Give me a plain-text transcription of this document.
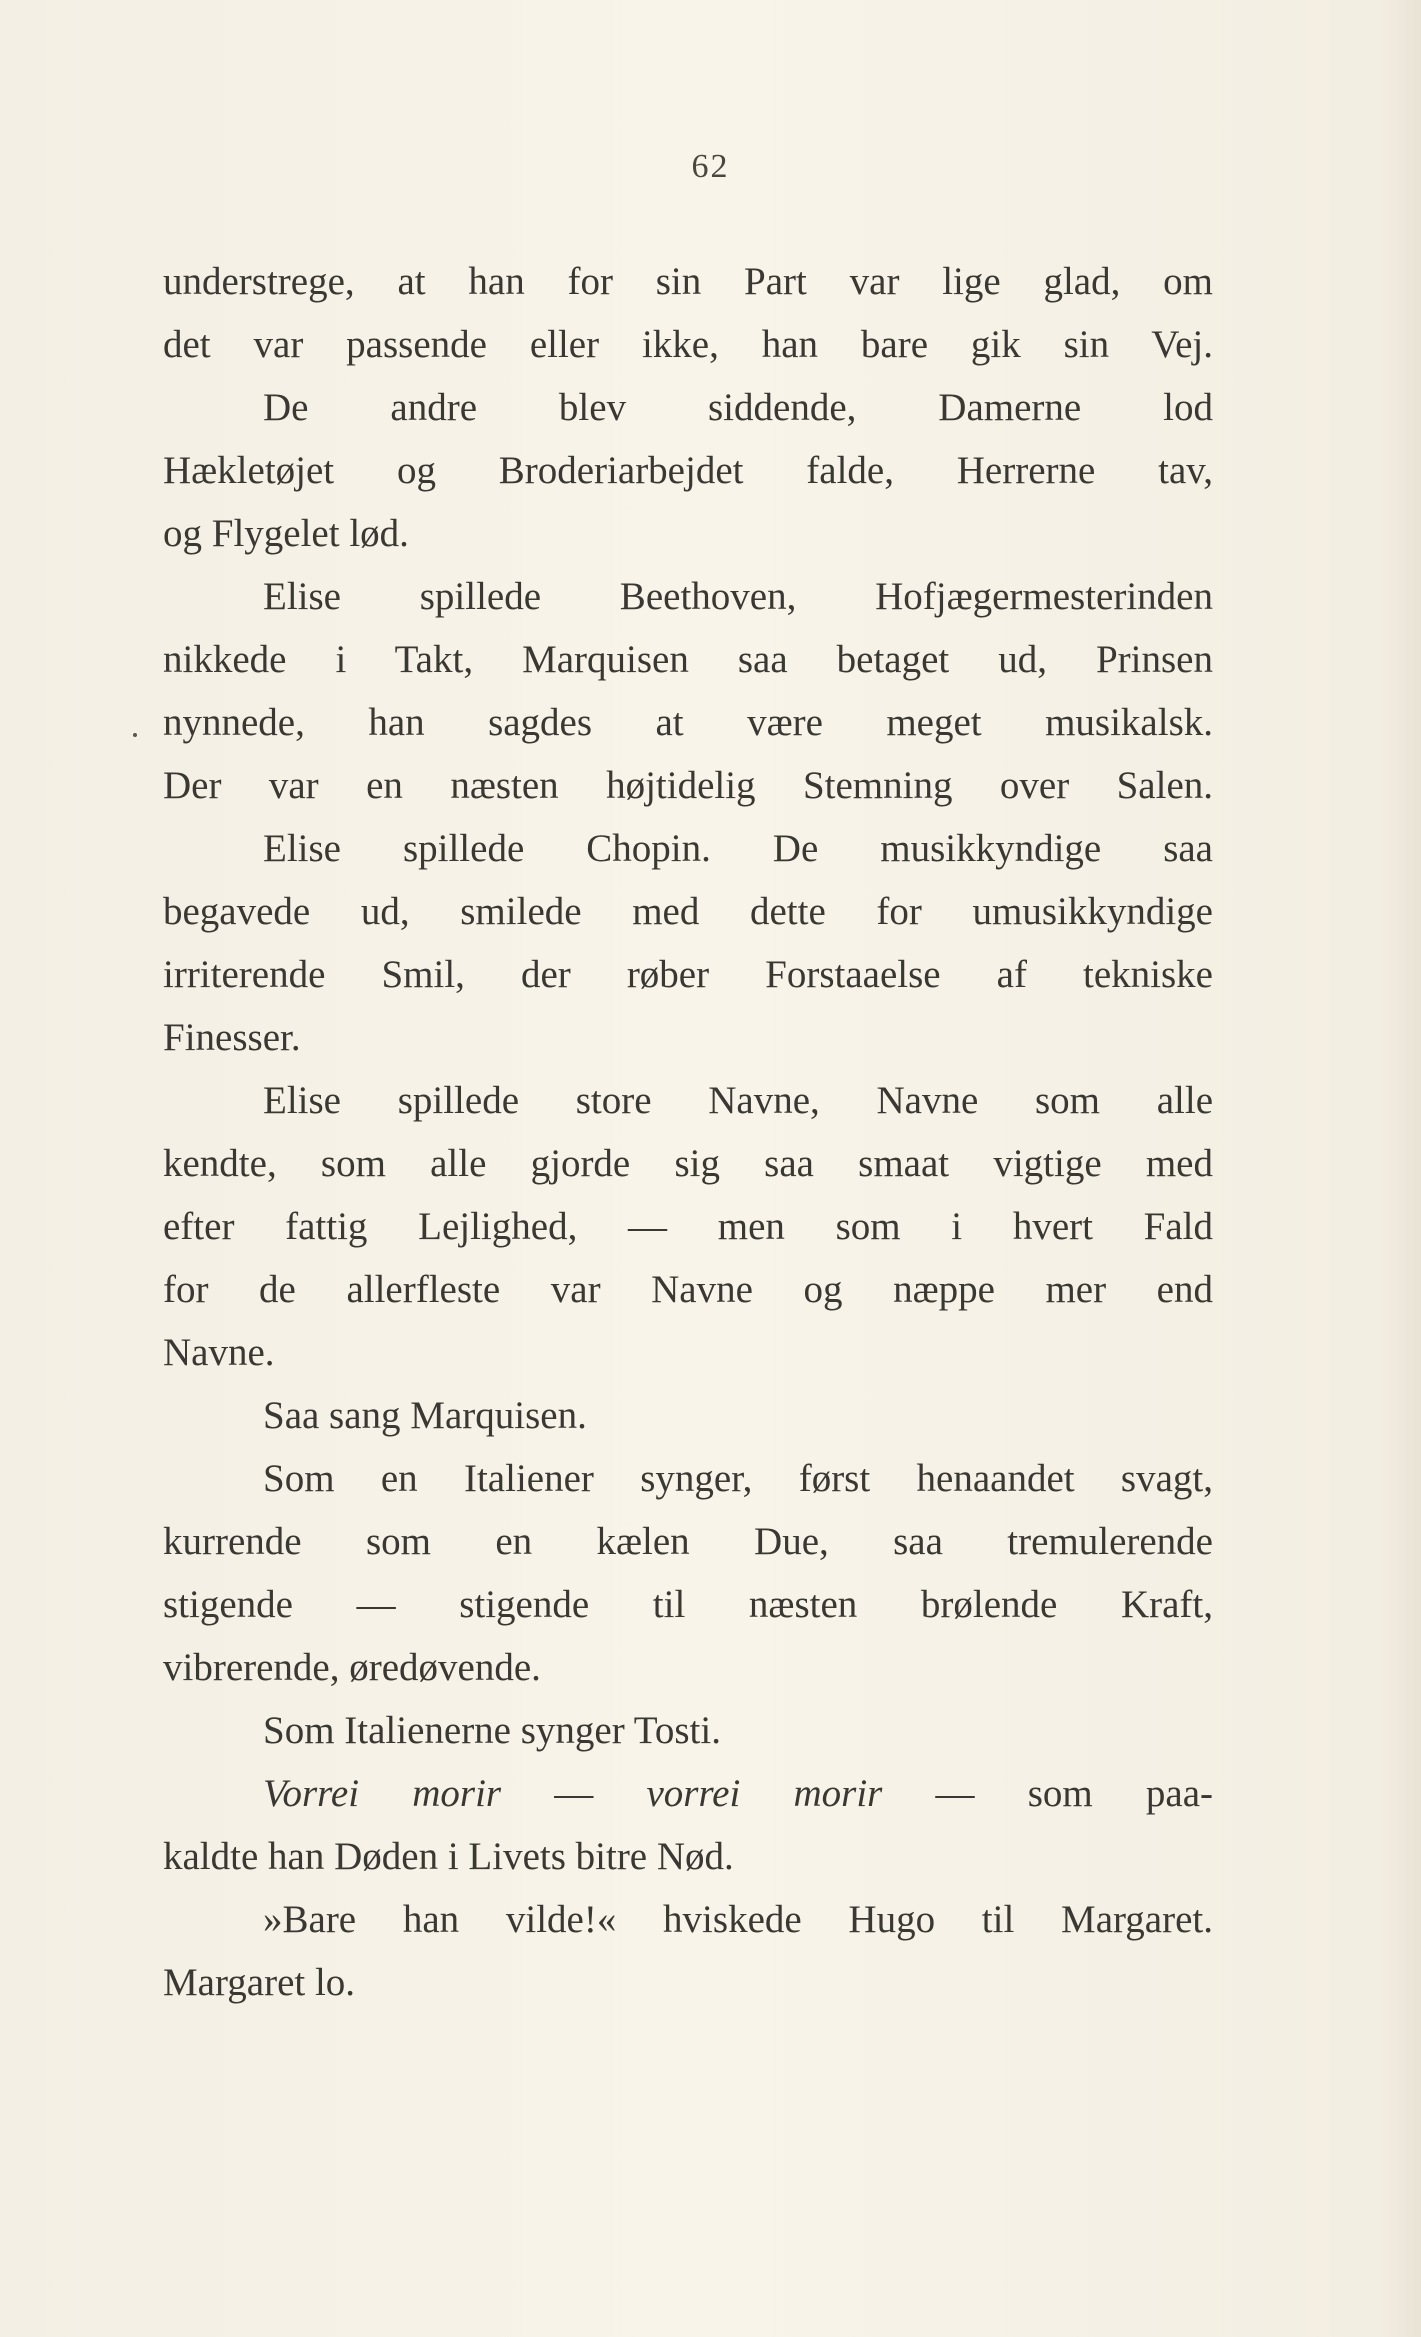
62
understrege, at han for sin Part var lige glad, om
det var passende eller ikke, han bare gik sin Vej.
De andre blev siddende, Damerne lod
Hækletøjet og Broderiarbejdet falde, Herrerne tav,
og Flygelet lød.
Elise spillede Beethoven, Hofjægermesterinden
nikkede i Takt, Marquisen saa betaget ud, Prinsen
nynnede, han sagdes at være meget musikalsk.
Der var en næsten højtidelig Stemning over Salen.
Elise spillede Chopin. De musikkyndige saa
begavede ud, smilede med dette for umusikkyndige
irriterende Smil, der røber Forstaaelse af tekniske
Finesser.
Elise spillede store Navne, Navne som alle
kendte, som alle gjorde sig saa smaat vigtige med
efter fattig Lejlighed, — men som i hvert Fald
for de allerfleste var Navne og næppe mer end
Navne.
Saa sang Marquisen.
Som en Italiener synger, først henaandet svagt,
kurrende som en kælen Due, saa tremulerende
stigende — stigende til næsten brølende Kraft,
vibrerende, øredøvende.
Som Italienerne synger Tosti.
Vorrei morir — vorrei morir — som paa-
kaldte han Døden i Livets bitre Nød.
»Bare han vilde!« hviskede Hugo til Margaret.
Margaret lo.
